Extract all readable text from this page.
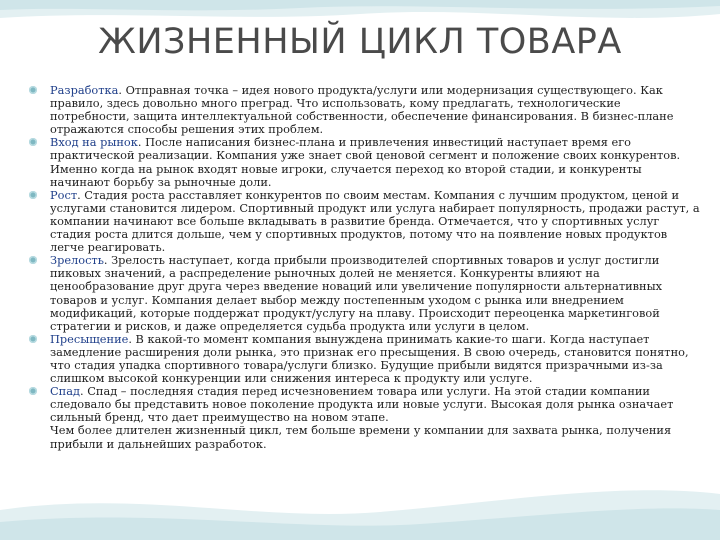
ЖИЗНЕННЫЙ ЦИКЛ ТОВАРА
Разработка. Отправная точка – идея нового продукта/услуги или модернизация существующего. Как правило, здесь довольно много преград. Что использовать, кому предлагать, технологические потребности, защита интеллектуальной собственности, обеспечение финансирования. В бизнес-плане отражаются способы решения этих проблем.
Вход на рынок. После написания бизнес-плана и привлечения инвестиций наступает время его практической реализации. Компания уже знает свой ценовой сегмент и положение своих конкурентов. Именно когда на рынок входят новые игроки, случается переход ко второй стадии, и конкуренты начинают борьбу за рыночные доли.
Рост. Стадия роста расставляет конкурентов по своим местам. Компания с лучшим продуктом, ценой и услугами становится лидером. Спортивный продукт или услуга набирает популярность, продажи растут, а компании начинают все больше вкладывать в развитие бренда. Отмечается, что у спортивных услуг стадия роста длится дольше, чем у спортивных продуктов, потому что на появление новых продуктов легче реагировать.
Зрелость. Зрелость наступает, когда прибыли производителей спортивных товаров и услуг достигли пиковых значений, а распределение рыночных долей не меняется. Конкуренты влияют на ценообразование друг друга через введение новаций или увеличение популярности альтернативных товаров и услуг. Компания делает выбор между постепенным уходом с рынка или внедрением модификаций, которые поддержат продукт/услугу на плаву. Происходит переоценка маркетинговой стратегии и рисков, и даже определяется судьба продукта или услуги в целом.
Пресыщение. В какой-то момент компания вынуждена принимать какие-то шаги. Когда наступает замедление расширения доли рынка, это признак его пресыщения. В свою очередь, становится понятно, что стадия упадка спортивного товара/услуги близко. Будущие прибыли видятся призрачными из-за слишком высокой конкуренции или снижения интереса к продукту или услуге.
Спад. Спад – последняя стадия перед исчезновением товара или услуги. На этой стадии компании следовало бы представить новое поколение продукта или новые услуги. Высокая доля рынка означает сильный бренд, что дает преимущество на новом этапе.
Чем более длителен жизненный цикл, тем больше времени у компании для захвата рынка, получения прибыли и дальнейших разработок.
